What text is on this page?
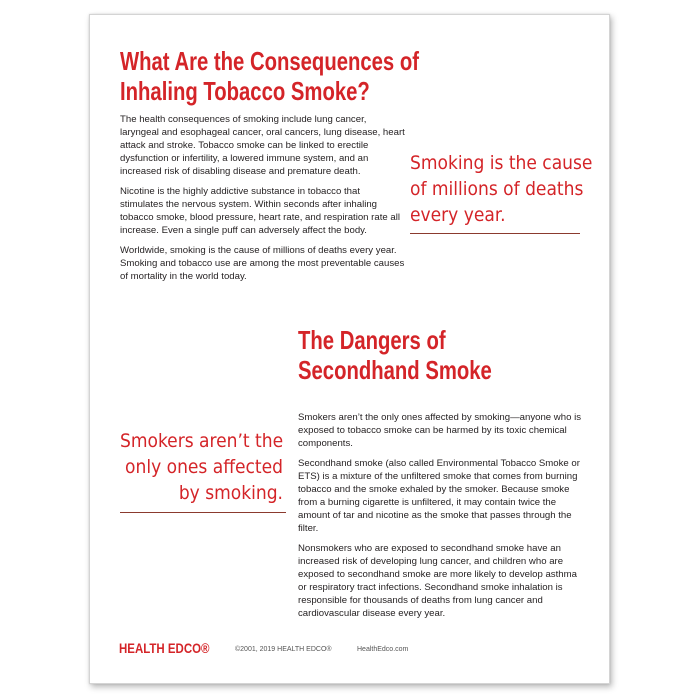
What Are the Consequences of
Inhaling Tobacco Smoke?

The health consequences of smoking include lung cancer, laryngeal and esophageal cancer, oral cancers, lung disease, heart attack and stroke. Tobacco smoke can be linked to erectile dysfunction or infertility, a lowered immune system, and an increased risk of disabling disease and premature death.

Nicotine is the highly addictive substance in tobacco that stimulates the nervous system. Within seconds after inhaling tobacco smoke, blood pressure, heart rate, and respiration rate all increase. Even a single puff can adversely affect the body.

Worldwide, smoking is the cause of millions of deaths every year. Smoking and tobacco use are among the most preventable causes of mortality in the world today.

Smoking is the cause
of millions of deaths
every year.
The Dangers of
Secondhand Smoke

Smokers aren’t the only ones affected by smoking—anyone who is exposed to tobacco smoke can be harmed by its toxic chemical components.

Secondhand smoke (also called Environmental Tobacco Smoke or ETS) is a mixture of the unfiltered smoke that comes from burning tobacco and the smoke exhaled by the smoker. Because smoke from a burning cigarette is unfiltered, it may contain twice the amount of tar and nicotine as the smoke that passes through the filter.

Nonsmokers who are exposed to secondhand smoke have an increased risk of developing lung cancer, and children who are exposed to secondhand smoke are more likely to develop asthma or respiratory tract infections. Secondhand smoke inhalation is responsible for thousands of deaths from lung cancer and cardiovascular disease every year.

Smokers aren’t the
only ones affected
by smoking.
HEALTH EDCO®	©2001, 2019 HEALTH EDCO®	HealthEdco.com
